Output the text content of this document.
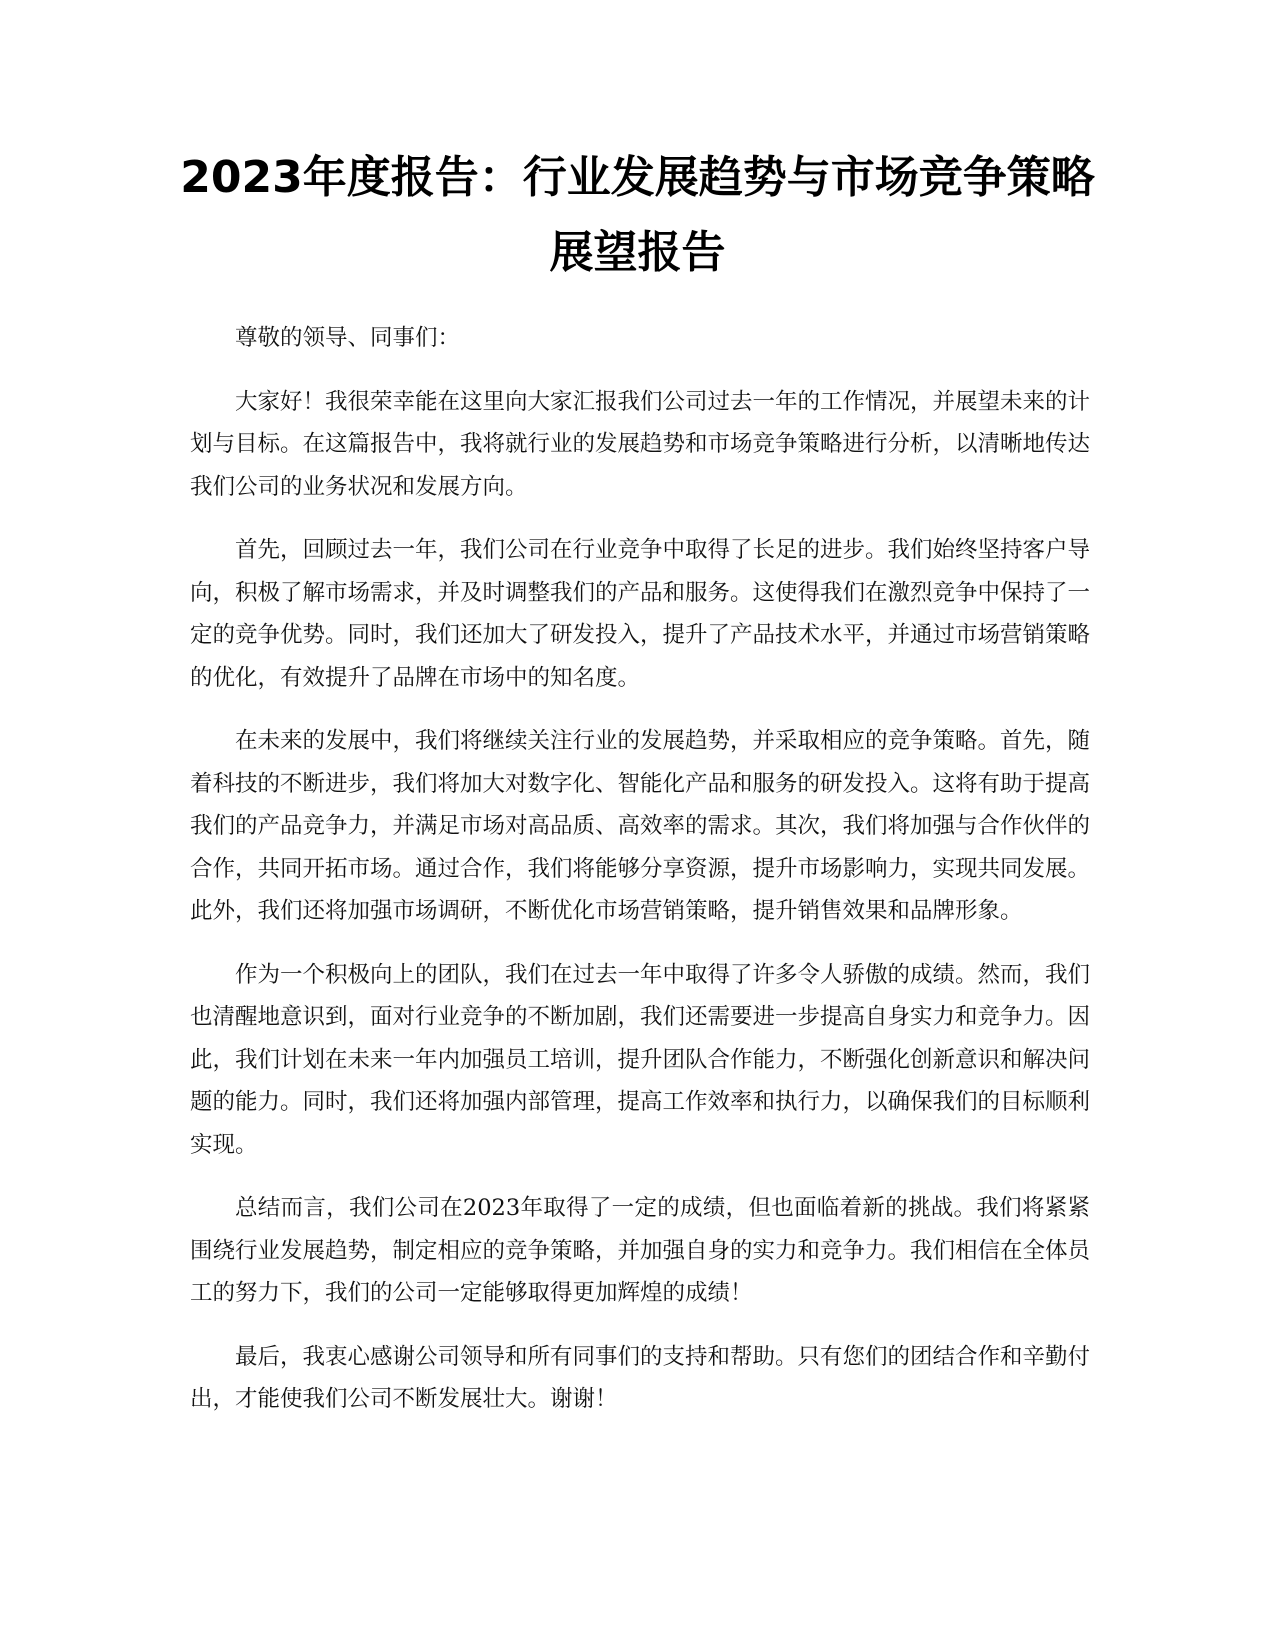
2023年度报告：行业发展趋势与市场竞争策略展望报告

尊敬的领导、同事们：

大家好！我很荣幸能在这里向大家汇报我们公司过去一年的工作情况，并展望未来的计划与目标。在这篇报告中，我将就行业的发展趋势和市场竞争策略进行分析，以清晰地传达我们公司的业务状况和发展方向。

首先，回顾过去一年，我们公司在行业竞争中取得了长足的进步。我们始终坚持客户导向，积极了解市场需求，并及时调整我们的产品和服务。这使得我们在激烈竞争中保持了一定的竞争优势。同时，我们还加大了研发投入，提升了产品技术水平，并通过市场营销策略的优化，有效提升了品牌在市场中的知名度。

在未来的发展中，我们将继续关注行业的发展趋势，并采取相应的竞争策略。首先，随着科技的不断进步，我们将加大对数字化、智能化产品和服务的研发投入。这将有助于提高我们的产品竞争力，并满足市场对高品质、高效率的需求。其次，我们将加强与合作伙伴的合作，共同开拓市场。通过合作，我们将能够分享资源，提升市场影响力，实现共同发展。此外，我们还将加强市场调研，不断优化市场营销策略，提升销售效果和品牌形象。

作为一个积极向上的团队，我们在过去一年中取得了许多令人骄傲的成绩。然而，我们也清醒地意识到，面对行业竞争的不断加剧，我们还需要进一步提高自身实力和竞争力。因此，我们计划在未来一年内加强员工培训，提升团队合作能力，不断强化创新意识和解决问题的能力。同时，我们还将加强内部管理，提高工作效率和执行力，以确保我们的目标顺利实现。

总结而言，我们公司在2023年取得了一定的成绩，但也面临着新的挑战。我们将紧紧围绕行业发展趋势，制定相应的竞争策略，并加强自身的实力和竞争力。我们相信在全体员工的努力下，我们的公司一定能够取得更加辉煌的成绩！

最后，我衷心感谢公司领导和所有同事们的支持和帮助。只有您们的团结合作和辛勤付出，才能使我们公司不断发展壮大。谢谢！
